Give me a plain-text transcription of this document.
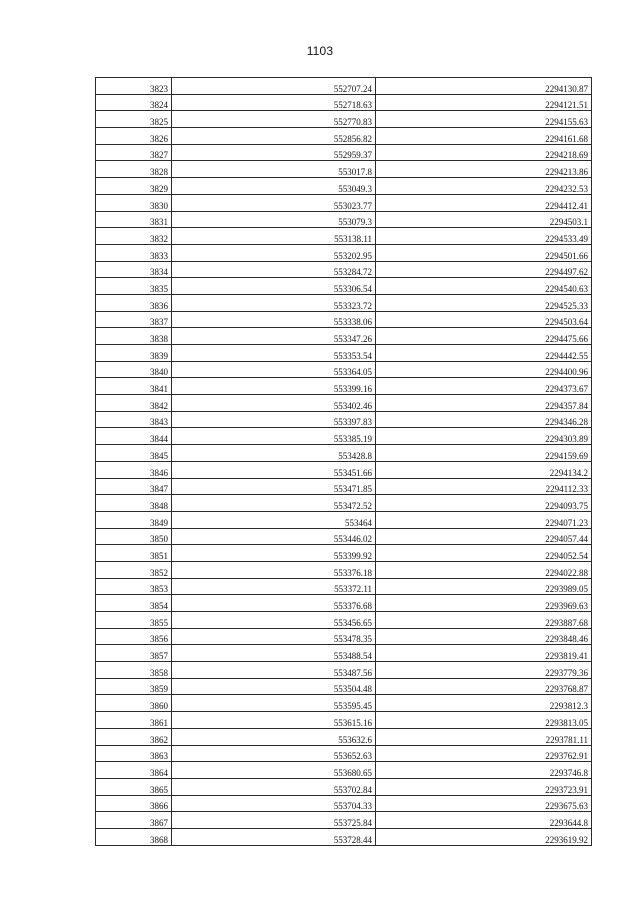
1103
3823	552707.24	2294130.87
3824	552718.63	2294121.51
3825	552770.83	2294155.63
3826	552856.82	2294161.68
3827	552959.37	2294218.69
3828	553017.8	2294213.86
3829	553049.3	2294232.53
3830	553023.77	2294412.41
3831	553079.3	2294503.1
3832	553138.11	2294533.49
3833	553202.95	2294501.66
3834	553284.72	2294497.62
3835	553306.54	2294540.63
3836	553323.72	2294525.33
3837	553338.06	2294503.64
3838	553347.26	2294475.66
3839	553353.54	2294442.55
3840	553364.05	2294400.96
3841	553399.16	2294373.67
3842	553402.46	2294357.84
3843	553397.83	2294346.28
3844	553385.19	2294303.89
3845	553428.8	2294159.69
3846	553451.66	2294134.2
3847	553471.85	2294112.33
3848	553472.52	2294093.75
3849	553464	2294071.23
3850	553446.02	2294057.44
3851	553399.92	2294052.54
3852	553376.18	2294022.88
3853	553372.11	2293989.05
3854	553376.68	2293969.63
3855	553456.65	2293887.68
3856	553478.35	2293848.46
3857	553488.54	2293819.41
3858	553487.56	2293779.36
3859	553504.48	2293768.87
3860	553595.45	2293812.3
3861	553615.16	2293813.05
3862	553632.6	2293781.11
3863	553652.63	2293762.91
3864	553680.65	2293746.8
3865	553702.84	2293723.91
3866	553704.33	2293675.63
3867	553725.84	2293644.8
3868	553728.44	2293619.92
